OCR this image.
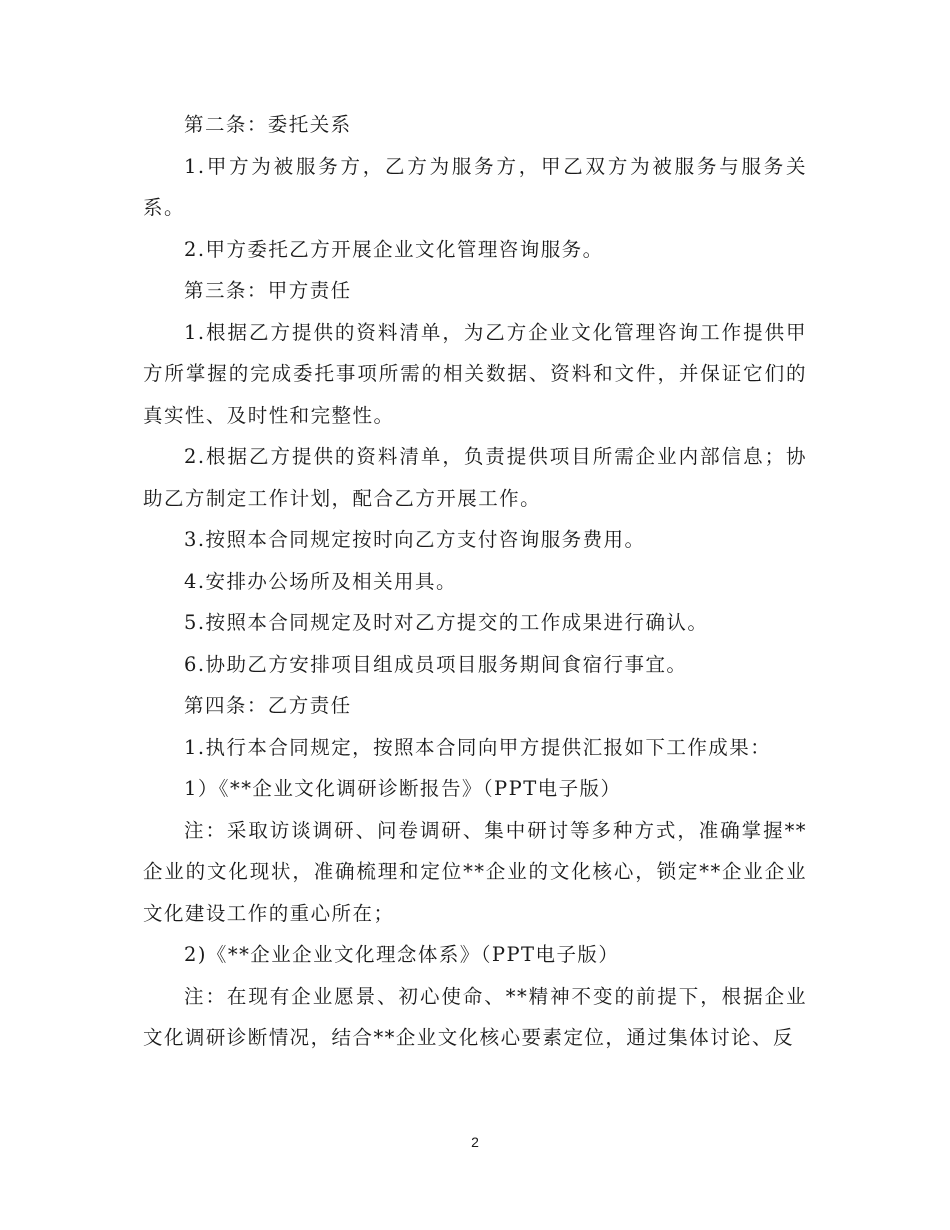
第二条：委托关系

1.甲方为被服务方，乙方为服务方，甲乙双方为被服务与服务关系。

2.甲方委托乙方开展企业文化管理咨询服务。

第三条：甲方责任

1.根据乙方提供的资料清单，为乙方企业文化管理咨询工作提供甲方所掌握的完成委托事项所需的相关数据、资料和文件，并保证它们的真实性、及时性和完整性。

2.根据乙方提供的资料清单，负责提供项目所需企业内部信息；协助乙方制定工作计划，配合乙方开展工作。

3.按照本合同规定按时向乙方支付咨询服务费用。

4.安排办公场所及相关用具。

5.按照本合同规定及时对乙方提交的工作成果进行确认。

6.协助乙方安排项目组成员项目服务期间食宿行事宜。

第四条：乙方责任

1.执行本合同规定，按照本合同向甲方提供汇报如下工作成果：

1）《**企业文化调研诊断报告》（PPT电子版）

注：采取访谈调研、问卷调研、集中研讨等多种方式，准确掌握**企业的文化现状，准确梳理和定位**企业的文化核心，锁定**企业企业文化建设工作的重心所在；

2)《**企业企业文化理念体系》（PPT电子版）

注：在现有企业愿景、初心使命、**精神不变的前提下，根据企业文化调研诊断情况，结合**企业文化核心要素定位，通过集体讨论、反

2
